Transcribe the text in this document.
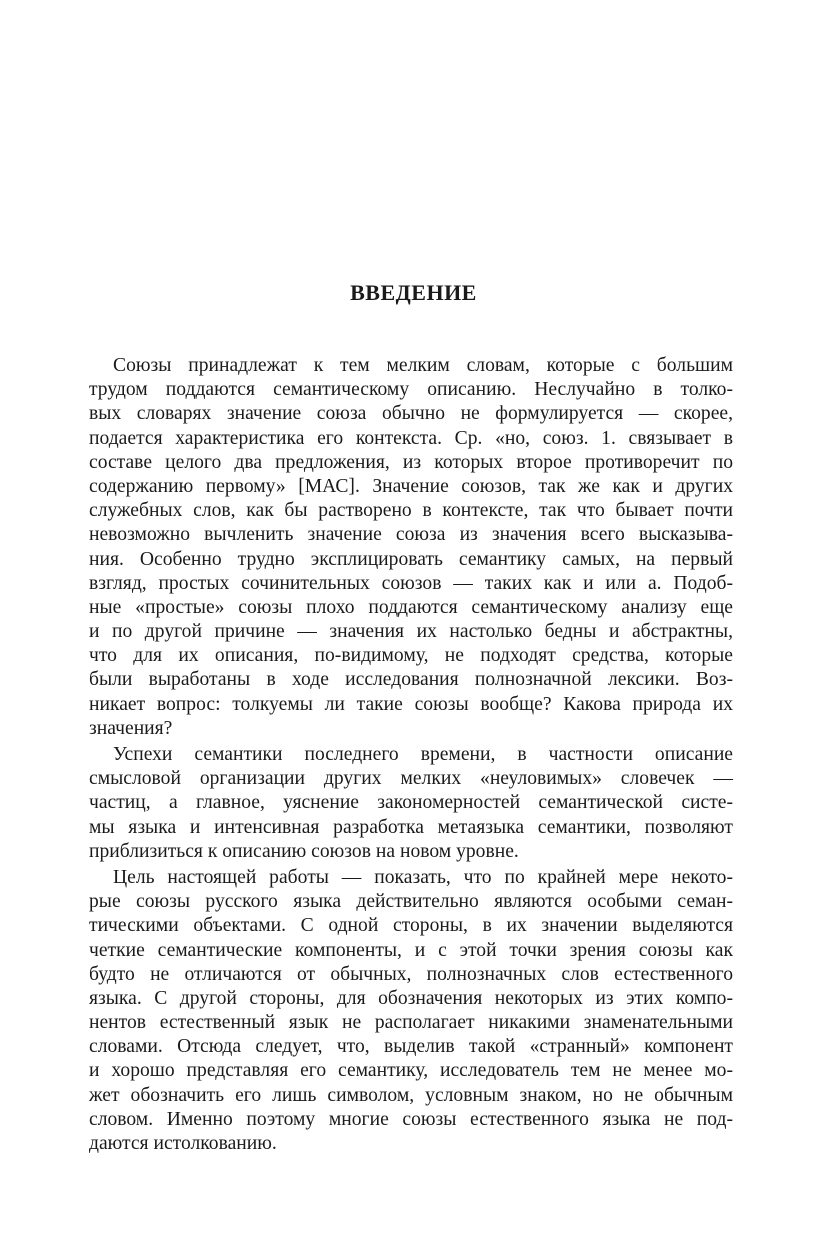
ВВЕДЕНИЕ
Союзы принадлежат к тем мелким словам, которые с большим
трудом поддаются семантическому описанию. Неслучайно в толко-
вых словарях значение союза обычно не формулируется — скорее,
подается характеристика его контекста. Ср. «но, союз. 1. связывает в
составе целого два предложения, из которых второе противоречит по
содержанию первому» [МАС]. Значение союзов, так же как и других
служебных слов, как бы растворено в контексте, так что бывает почти
невозможно вычленить значение союза из значения всего высказыва-
ния. Особенно трудно эксплицировать семантику самых, на первый
взгляд, простых сочинительных союзов — таких как и или а. Подоб-
ные «простые» союзы плохо поддаются семантическому анализу еще
и по другой причине — значения их настолько бедны и абстрактны,
что для их описания, по-видимому, не подходят средства, которые
были выработаны в ходе исследования полнозначной лексики. Воз-
никает вопрос: толкуемы ли такие союзы вообще? Какова природа их
значения?
Успехи семантики последнего времени, в частности описание
смысловой организации других мелких «неуловимых» словечек —
частиц, а главное, уяснение закономерностей семантической систе-
мы языка и интенсивная разработка метаязыка семантики, позволяют
приблизиться к описанию союзов на новом уровне.
Цель настоящей работы — показать, что по крайней мере некото-
рые союзы русского языка действительно являются особыми семан-
тическими объектами. С одной стороны, в их значении выделяются
четкие семантические компоненты, и с этой точки зрения союзы как
будто не отличаются от обычных, полнозначных слов естественного
языка. С другой стороны, для обозначения некоторых из этих компо-
нентов естественный язык не располагает никакими знаменательными
словами. Отсюда следует, что, выделив такой «странный» компонент
и хорошо представляя его семантику, исследователь тем не менее мо-
жет обозначить его лишь символом, условным знаком, но не обычным
словом. Именно поэтому многие союзы естественного языка не под-
даются истолкованию.
